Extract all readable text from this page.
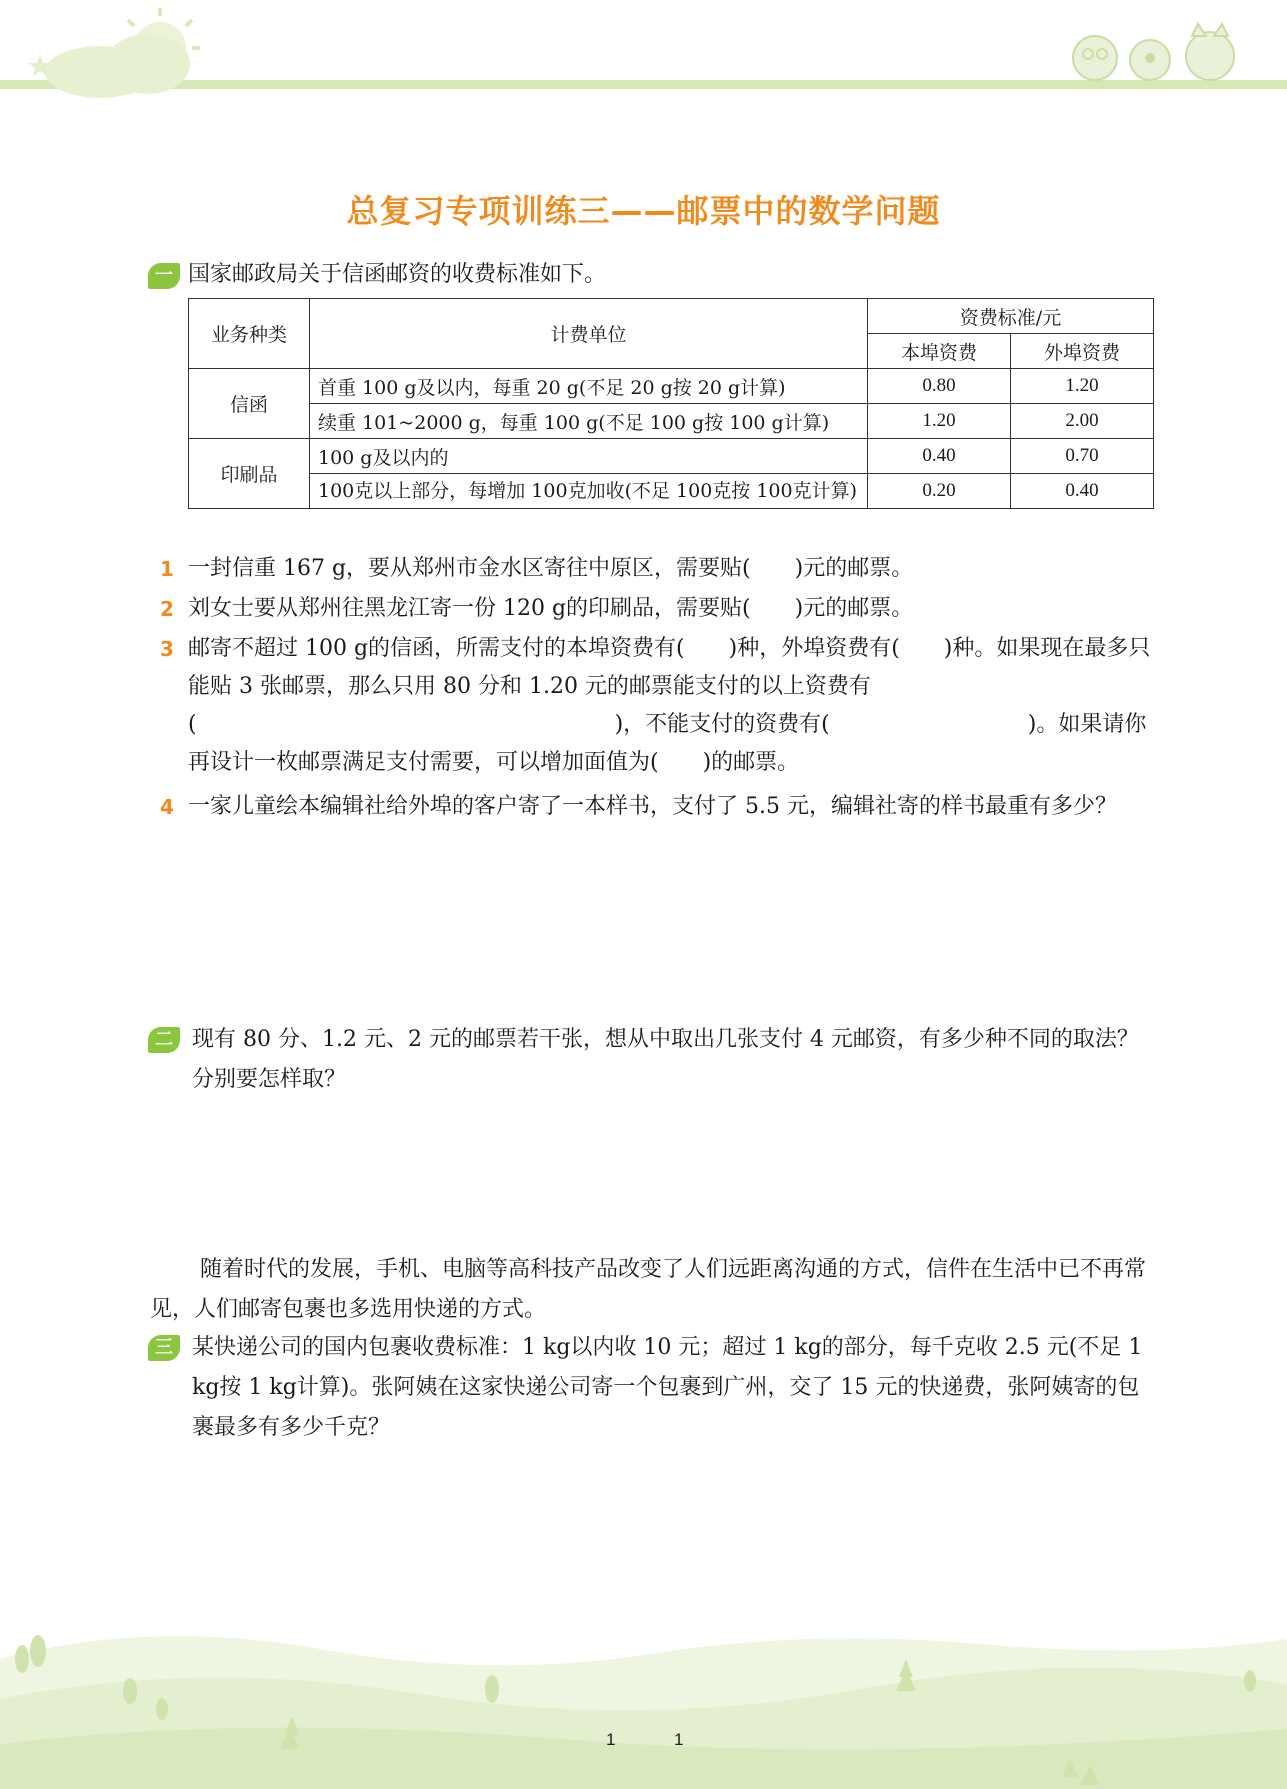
总复习专项训练三——邮票中的数学问题
一 国家邮政局关于信函邮资的收费标准如下。
业务种类	计费单位	资费标准/元	
		本埠资费	外埠资费
信函	首重 100 g及以内，每重 20 g(不足 20 g按 20 g计算)	0.80	1.20
	续重 101~2000 g，每重 100 g(不足 100 g按 100 g计算)	1.20	2.00
印刷品	100 g及以内的	0.40	0.70
	100克以上部分，每增加 100克加收(不足 100克按 100克计算)	0.20	0.40
1 一封信重 167 g，要从郑州市金水区寄往中原区，需要贴(　　)元的邮票。
2 刘女士要从郑州往黑龙江寄一份 120 g的印刷品，需要贴(　　)元的邮票。
3 邮寄不超过 100 g的信函，所需支付的本埠资费有(　　)种，外埠资费有(　　)种。如果现在最多只能贴 3 张邮票，那么只用 80 分和 1.20 元的邮票能支付的以上资费有(　　　　　　　　　　　　　　　　　　　)，不能支付的资费有(　　　　　　　　　)。如果请你再设计一枚邮票满足支付需要，可以增加面值为(　　)的邮票。
4 一家儿童绘本编辑社给外埠的客户寄了一本样书，支付了 5.5 元，编辑社寄的样书最重有多少？
二 现有 80 分、1.2 元、2 元的邮票若干张，想从中取出几张支付 4 元邮资，有多少种不同的取法？分别要怎样取？
随着时代的发展，手机、电脑等高科技产品改变了人们远距离沟通的方式，信件在生活中已不再常见，人们邮寄包裹也多选用快递的方式。
三 某快递公司的国内包裹收费标准：1 kg以内收 10 元；超过 1 kg的部分，每千克收 2.5 元(不足 1 kg按 1 kg计算)。张阿姨在这家快递公司寄一个包裹到广州，交了 15 元的快递费，张阿姨寄的包裹最多有多少千克？
1	1
